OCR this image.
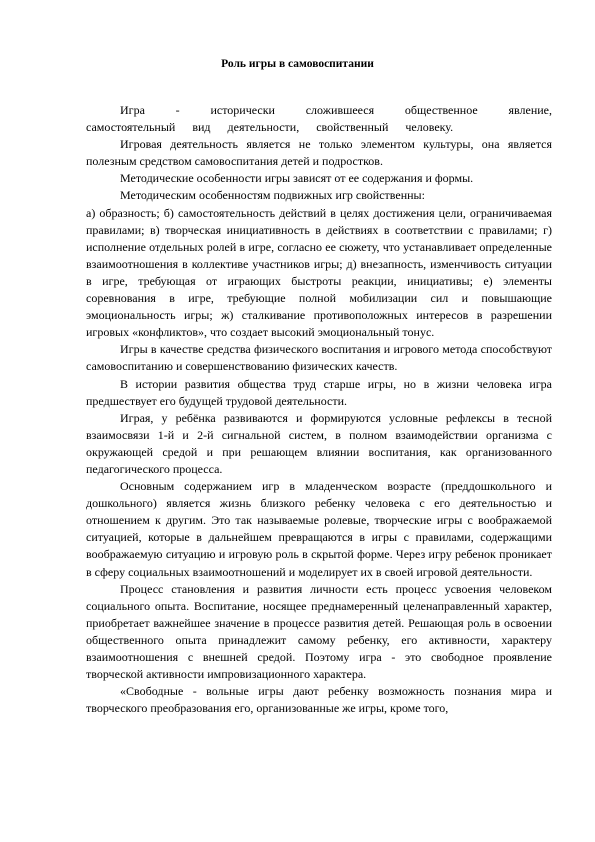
Роль игры в самовоспитании

Игра - исторически сложившееся общественное явление, самостоятельный вид деятельности, свойственный человеку.

Игровая деятельность является не только элементом культуры, она является полезным средством самовоспитания детей и подростков.

Методические особенности игры зависят от ее содержания и формы.

Методическим особенностям подвижных игр свойственны:

а) образность; б) самостоятельность действий в целях достижения цели, ограничиваемая правилами; в) творческая инициативность в действиях в соответствии с правилами; г) исполнение отдельных ролей в игре, согласно ее сюжету, что устанавливает определенные взаимоотношения в коллективе участников игры; д) внезапность, изменчивость ситуации в игре, требующая от играющих быстроты реакции, инициативы; е) элементы соревнования в игре, требующие полной мобилизации сил и повышающие эмоциональность игры; ж) сталкивание противоположных интересов в разрешении игровых «конфликтов», что создает высокий эмоциональный тонус.

Игры в качестве средства физического воспитания и игрового метода способствуют самовоспитанию и совершенствованию физических качеств.

В истории развития общества труд старше игры, но в жизни человека игра предшествует его будущей трудовой деятельности.

Играя, у ребёнка развиваются и формируются условные рефлексы в тесной взаимосвязи 1-й и 2-й сигнальной систем, в полном взаимодействии организма с окружающей средой и при решающем влиянии воспитания, как организованного педагогического процесса.

Основным содержанием игр в младенческом возрасте (преддошкольного и дошкольного) является жизнь близкого ребенку человека с его деятельностью и отношением к другим. Это так называемые ролевые, творческие игры с воображаемой ситуацией, которые в дальнейшем превращаются в игры с правилами, содержащими воображаемую ситуацию и игровую роль в скрытой форме. Через игру ребенок проникает в сферу социальных взаимоотношений и моделирует их в своей игровой деятельности.

Процесс становления и развития личности есть процесс усвоения человеком социального опыта. Воспитание, носящее преднамеренный целенаправленный характер, приобретает важнейшее значение в процессе развития детей. Решающая роль в освоении общественного опыта принадлежит самому ребенку, его активности, характеру взаимоотношения с внешней средой. Поэтому игра - это свободное проявление творческой активности импровизационного характера.

«Свободные - вольные игры дают ребенку возможность познания мира и творческого преобразования его, организованные же игры, кроме того,
